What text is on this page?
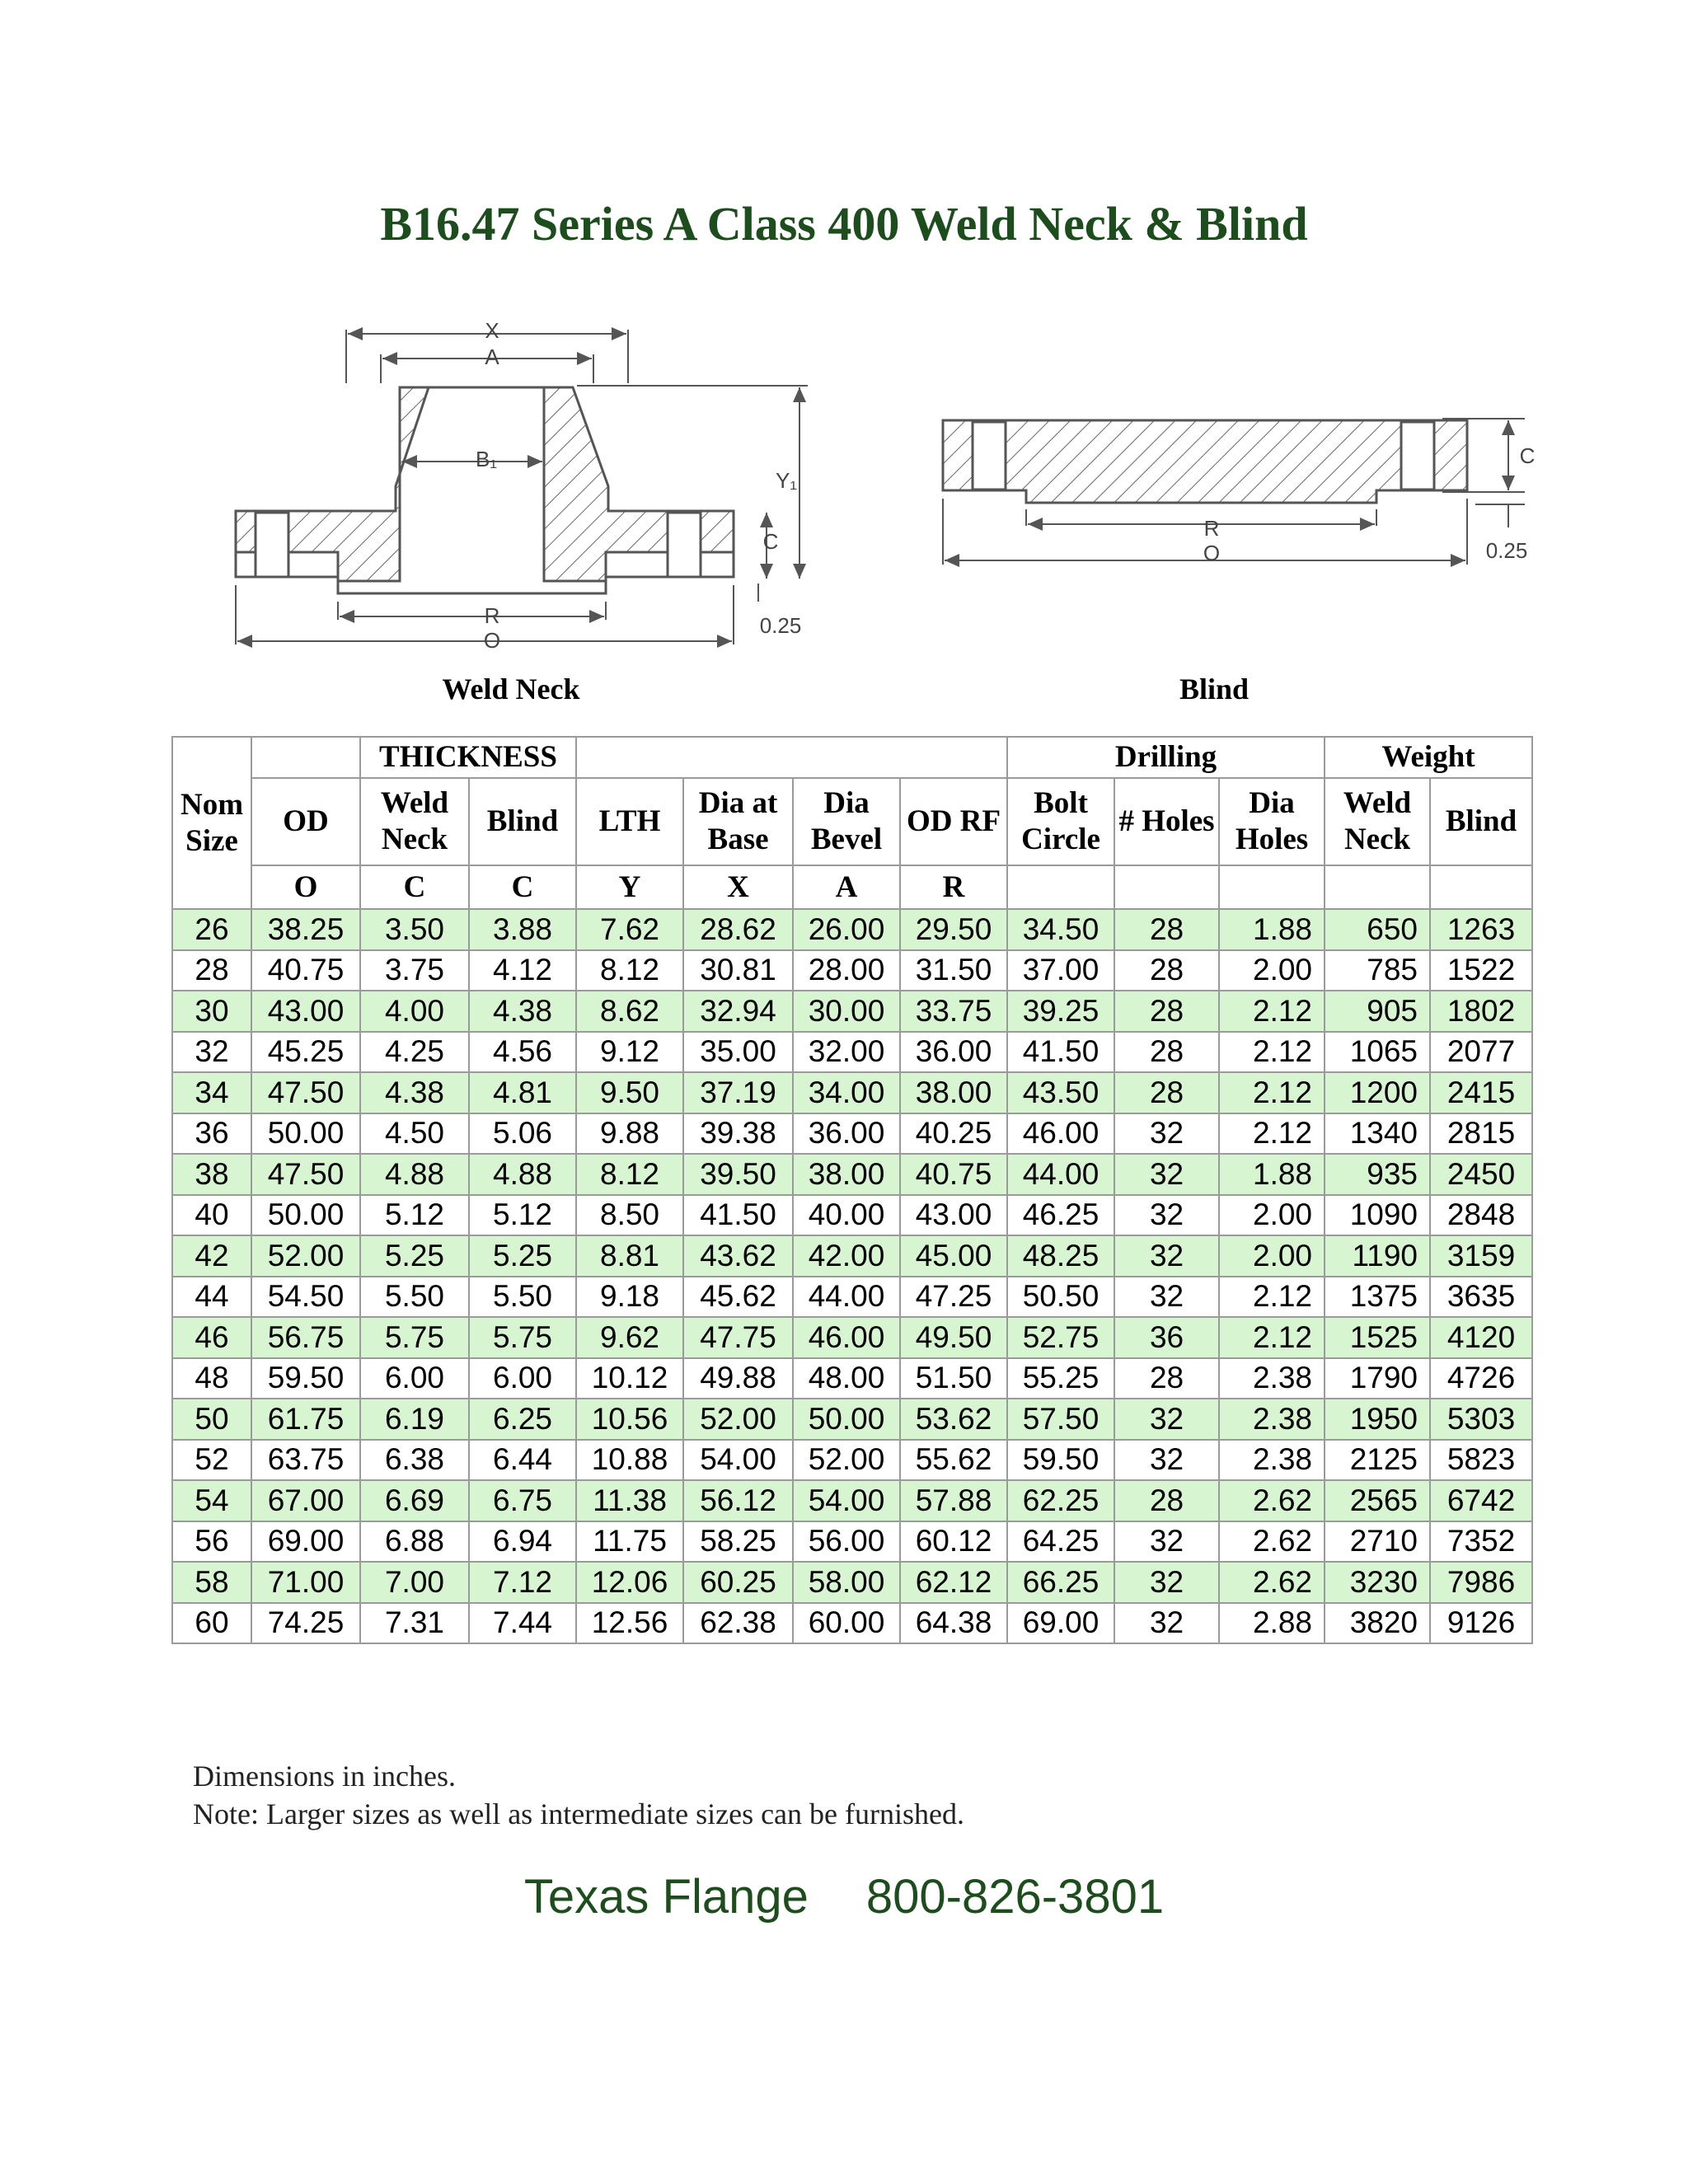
B16.47 Series A Class 400 Weld Neck & Blind
X
A
B₁
Y₁
C
R
O
0.25
Weld Neck
C
R
O	0.25
Blind
Nom Size		THICKNESS						Drilling			Weight	
	OD	Weld Neck	Blind	LTH	Dia at Base	Dia Bevel	OD RF	Bolt Circle	# Holes	Dia Holes	Weld Neck	Blind
	O	C	C	Y	X	A	R					
26	38.25	3.50	3.88	7.62	28.62	26.00	29.50	34.50	28	1.88	650	1263
28	40.75	3.75	4.12	8.12	30.81	28.00	31.50	37.00	28	2.00	785	1522
30	43.00	4.00	4.38	8.62	32.94	30.00	33.75	39.25	28	2.12	905	1802
32	45.25	4.25	4.56	9.12	35.00	32.00	36.00	41.50	28	2.12	1065	2077
34	47.50	4.38	4.81	9.50	37.19	34.00	38.00	43.50	28	2.12	1200	2415
36	50.00	4.50	5.06	9.88	39.38	36.00	40.25	46.00	32	2.12	1340	2815
38	47.50	4.88	4.88	8.12	39.50	38.00	40.75	44.00	32	1.88	935	2450
40	50.00	5.12	5.12	8.50	41.50	40.00	43.00	46.25	32	2.00	1090	2848
42	52.00	5.25	5.25	8.81	43.62	42.00	45.00	48.25	32	2.00	1190	3159
44	54.50	5.50	5.50	9.18	45.62	44.00	47.25	50.50	32	2.12	1375	3635
46	56.75	5.75	5.75	9.62	47.75	46.00	49.50	52.75	36	2.12	1525	4120
48	59.50	6.00	6.00	10.12	49.88	48.00	51.50	55.25	28	2.38	1790	4726
50	61.75	6.19	6.25	10.56	52.00	50.00	53.62	57.50	32	2.38	1950	5303
52	63.75	6.38	6.44	10.88	54.00	52.00	55.62	59.50	32	2.38	2125	5823
54	67.00	6.69	6.75	11.38	56.12	54.00	57.88	62.25	28	2.62	2565	6742
56	69.00	6.88	6.94	11.75	58.25	56.00	60.12	64.25	32	2.62	2710	7352
58	71.00	7.00	7.12	12.06	60.25	58.00	62.12	66.25	32	2.62	3230	7986
60	74.25	7.31	7.44	12.56	62.38	60.00	64.38	69.00	32	2.88	3820	9126
Dimensions in inches.
Note: Larger sizes as well as intermediate sizes can be furnished.
Texas Flange 800-826-3801
